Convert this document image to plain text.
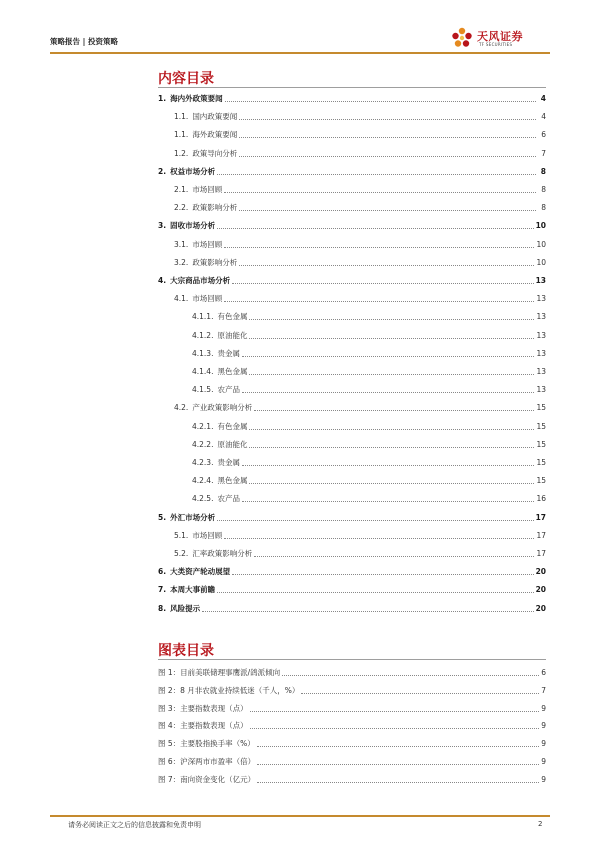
策略报告 | 投资策略	天风证券
TF SECURITIES
内容目录
1. 海内外政策要闻	4
1.1. 国内政策要闻	4
1.1. 海外政策要闻	6
1.2. 政策导向分析	7
2. 权益市场分析	8
2.1. 市场回顾	8
2.2. 政策影响分析	8
3. 固收市场分析	10
3.1. 市场回顾	10
3.2. 政策影响分析	10
4. 大宗商品市场分析	13
4.1. 市场回顾	13
4.1.1. 有色金属	13
4.1.2. 原油能化	13
4.1.3. 贵金属	13
4.1.4. 黑色金属	13
4.1.5. 农产品	13
4.2. 产业政策影响分析	15
4.2.1. 有色金属	15
4.2.2. 原油能化	15
4.2.3. 贵金属	15
4.2.4. 黑色金属	15
4.2.5. 农产品	16
5. 外汇市场分析	17
5.1. 市场回顾	17
5.2. 汇率政策影响分析	17
6. 大类资产轮动展望	20
7. 本周大事前瞻	20
8. 风险提示	20
图表目录
图 1：目前美联储理事鹰派/鸽派倾向	6
图 2：8 月非农就业持续低迷（千人，%）	7
图 3：主要指数表现（点）	9
图 4：主要指数表现（点）	9
图 5：主要股指换手率（%）	9
图 6：沪深两市市盈率（倍）	9
图 7：南向资金变化（亿元）	9
请务必阅读正文之后的信息披露和免责申明	2
